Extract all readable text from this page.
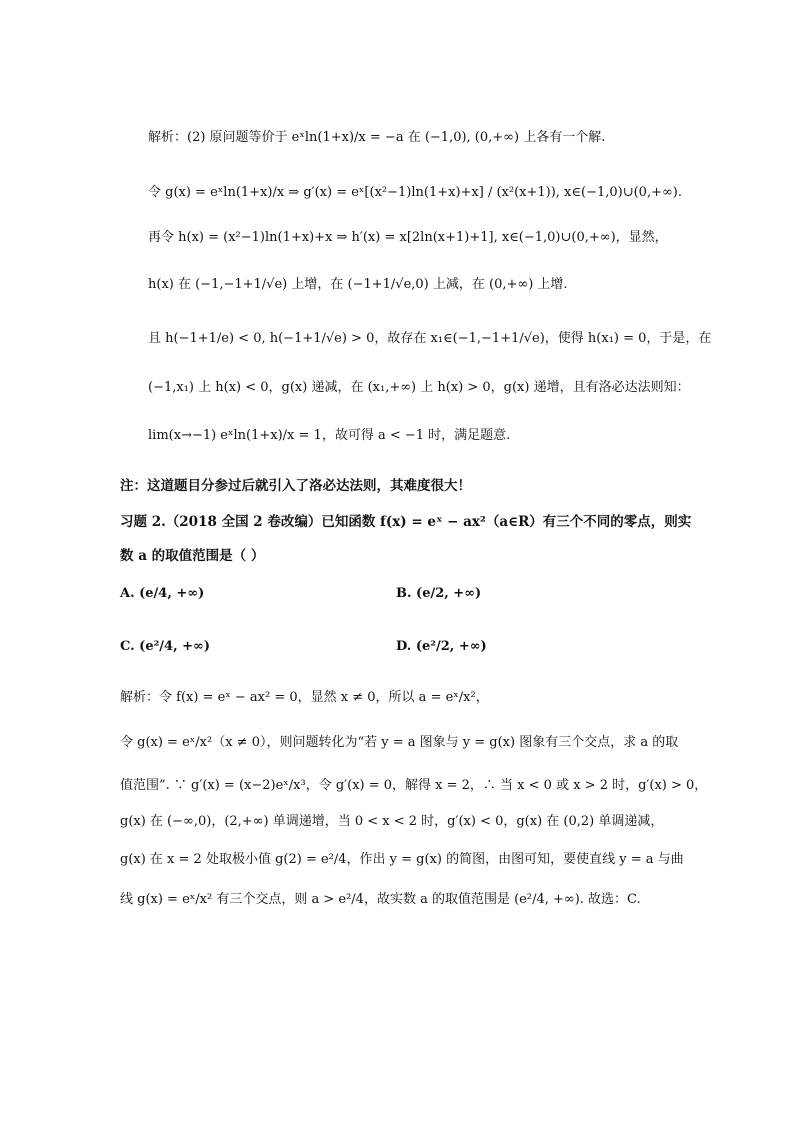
解析：(2) 原问题等价于 eˣln(1+x)/x = −a 在 (−1,0), (0,+∞) 上各有一个解.
令 g(x) = eˣln(1+x)/x ⇒ g′(x) = eˣ[(x²−1)ln(1+x)+x] / (x²(x+1)), x∈(−1,0)∪(0,+∞).
再令 h(x) = (x²−1)ln(1+x)+x ⇒ h′(x) = x[2ln(x+1)+1], x∈(−1,0)∪(0,+∞)，显然，
h(x) 在 (−1,−1+1/√e) 上增，在 (−1+1/√e,0) 上减，在 (0,+∞) 上增.
且 h(−1+1/e) < 0, h(−1+1/√e) > 0，故存在 x₁∈(−1,−1+1/√e)，使得 h(x₁) = 0，于是，在
(−1,x₁) 上 h(x) < 0，g(x) 递减，在 (x₁,+∞) 上 h(x) > 0，g(x) 递增，且有洛必达法则知：
lim(x→−1) eˣln(1+x)/x = 1，故可得 a < −1 时，满足题意.
注：这道题目分参过后就引入了洛必达法则，其难度很大！
习题 2.（2018 全国 2 卷改编）已知函数 f(x) = eˣ − ax²（a∈R）有三个不同的零点，则实
数 a 的取值范围是（ ）
A. (e/4, +∞)	B. (e/2, +∞)
C. (e²/4, +∞)	D. (e²/2, +∞)
解析：令 f(x) = eˣ − ax² = 0，显然 x ≠ 0，所以 a = eˣ/x²，
令 g(x) = eˣ/x²（x ≠ 0），则问题转化为“若 y = a 图象与 y = g(x) 图象有三个交点，求 a 的取
值范围”. ∵ g′(x) = (x−2)eˣ/x³，令 g′(x) = 0，解得 x = 2，∴ 当 x < 0 或 x > 2 时，g′(x) > 0，
g(x) 在 (−∞,0)，(2,+∞) 单调递增，当 0 < x < 2 时，g′(x) < 0，g(x) 在 (0,2) 单调递减，
g(x) 在 x = 2 处取极小值 g(2) = e²/4，作出 y = g(x) 的简图，由图可知，要使直线 y = a 与曲
线 g(x) = eˣ/x² 有三个交点，则 a > e²/4，故实数 a 的取值范围是 (e²/4, +∞). 故选：C.
